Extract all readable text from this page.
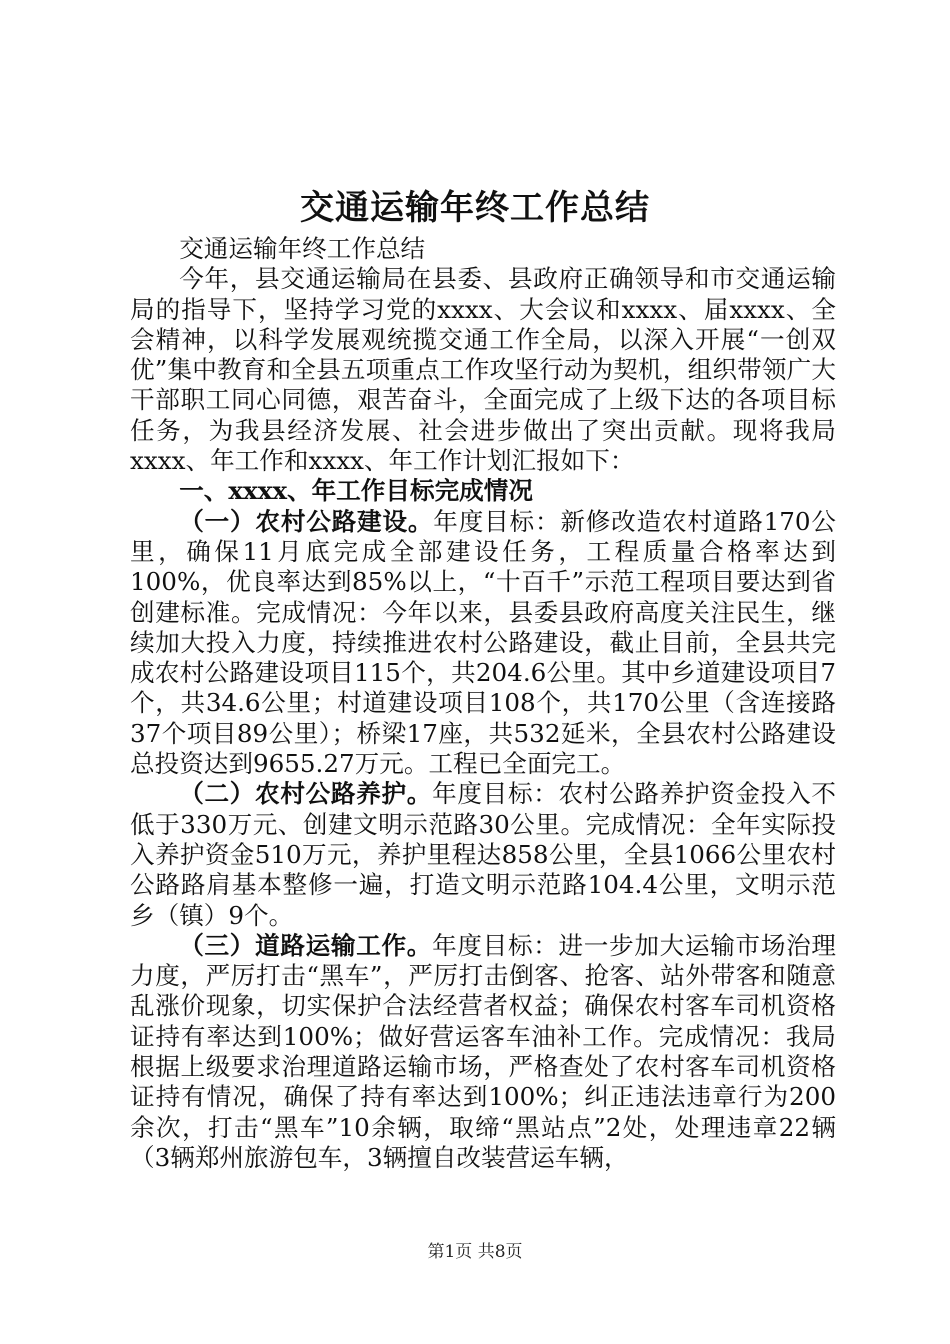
交通运输年终工作总结

交通运输年终工作总结

今年，县交通运输局在县委、县政府正确领导和市交通运输局的指导下，坚持学习党的xxxx、大会议和xxxx、届xxxx、全会精神，以科学发展观统揽交通工作全局，以深入开展“一创双优”集中教育和全县五项重点工作攻坚行动为契机，组织带领广大干部职工同心同德，艰苦奋斗，全面完成了上级下达的各项目标任务，为我县经济发展、社会进步做出了突出贡献。现将我局xxxx、年工作和xxxx、年工作计划汇报如下：

一、xxxx、年工作目标完成情况

（一）农村公路建设。年度目标：新修改造农村道路170公里，确保11月底完成全部建设任务，工程质量合格率达到100%，优良率达到85%以上，“十百千”示范工程项目要达到省创建标准。完成情况：今年以来，县委县政府高度关注民生，继续加大投入力度，持续推进农村公路建设，截止目前，全县共完成农村公路建设项目115个，共204.6公里。其中乡道建设项目7个，共34.6公里；村道建设项目108个，共170公里（含连接路37个项目89公里）；桥梁17座，共532延米，全县农村公路建设总投资达到9655.27万元。工程已全面完工。

（二）农村公路养护。年度目标：农村公路养护资金投入不低于330万元、创建文明示范路30公里。完成情况：全年实际投入养护资金510万元，养护里程达858公里，全县1066公里农村公路路肩基本整修一遍，打造文明示范路104.4公里，文明示范乡（镇）9个。

（三）道路运输工作。年度目标：进一步加大运输市场治理力度，严厉打击“黑车”，严厉打击倒客、抢客、站外带客和随意乱涨价现象，切实保护合法经营者权益；确保农村客车司机资格证持有率达到100%；做好营运客车油补工作。完成情况：我局根据上级要求治理道路运输市场，严格查处了农村客车司机资格证持有情况，确保了持有率达到100%；纠正违法违章行为200余次，打击“黑车”10余辆，取缔“黑站点”2处，处理违章22辆（3辆郑州旅游包车，3辆擅自改装营运车辆，

第1页 共8页
